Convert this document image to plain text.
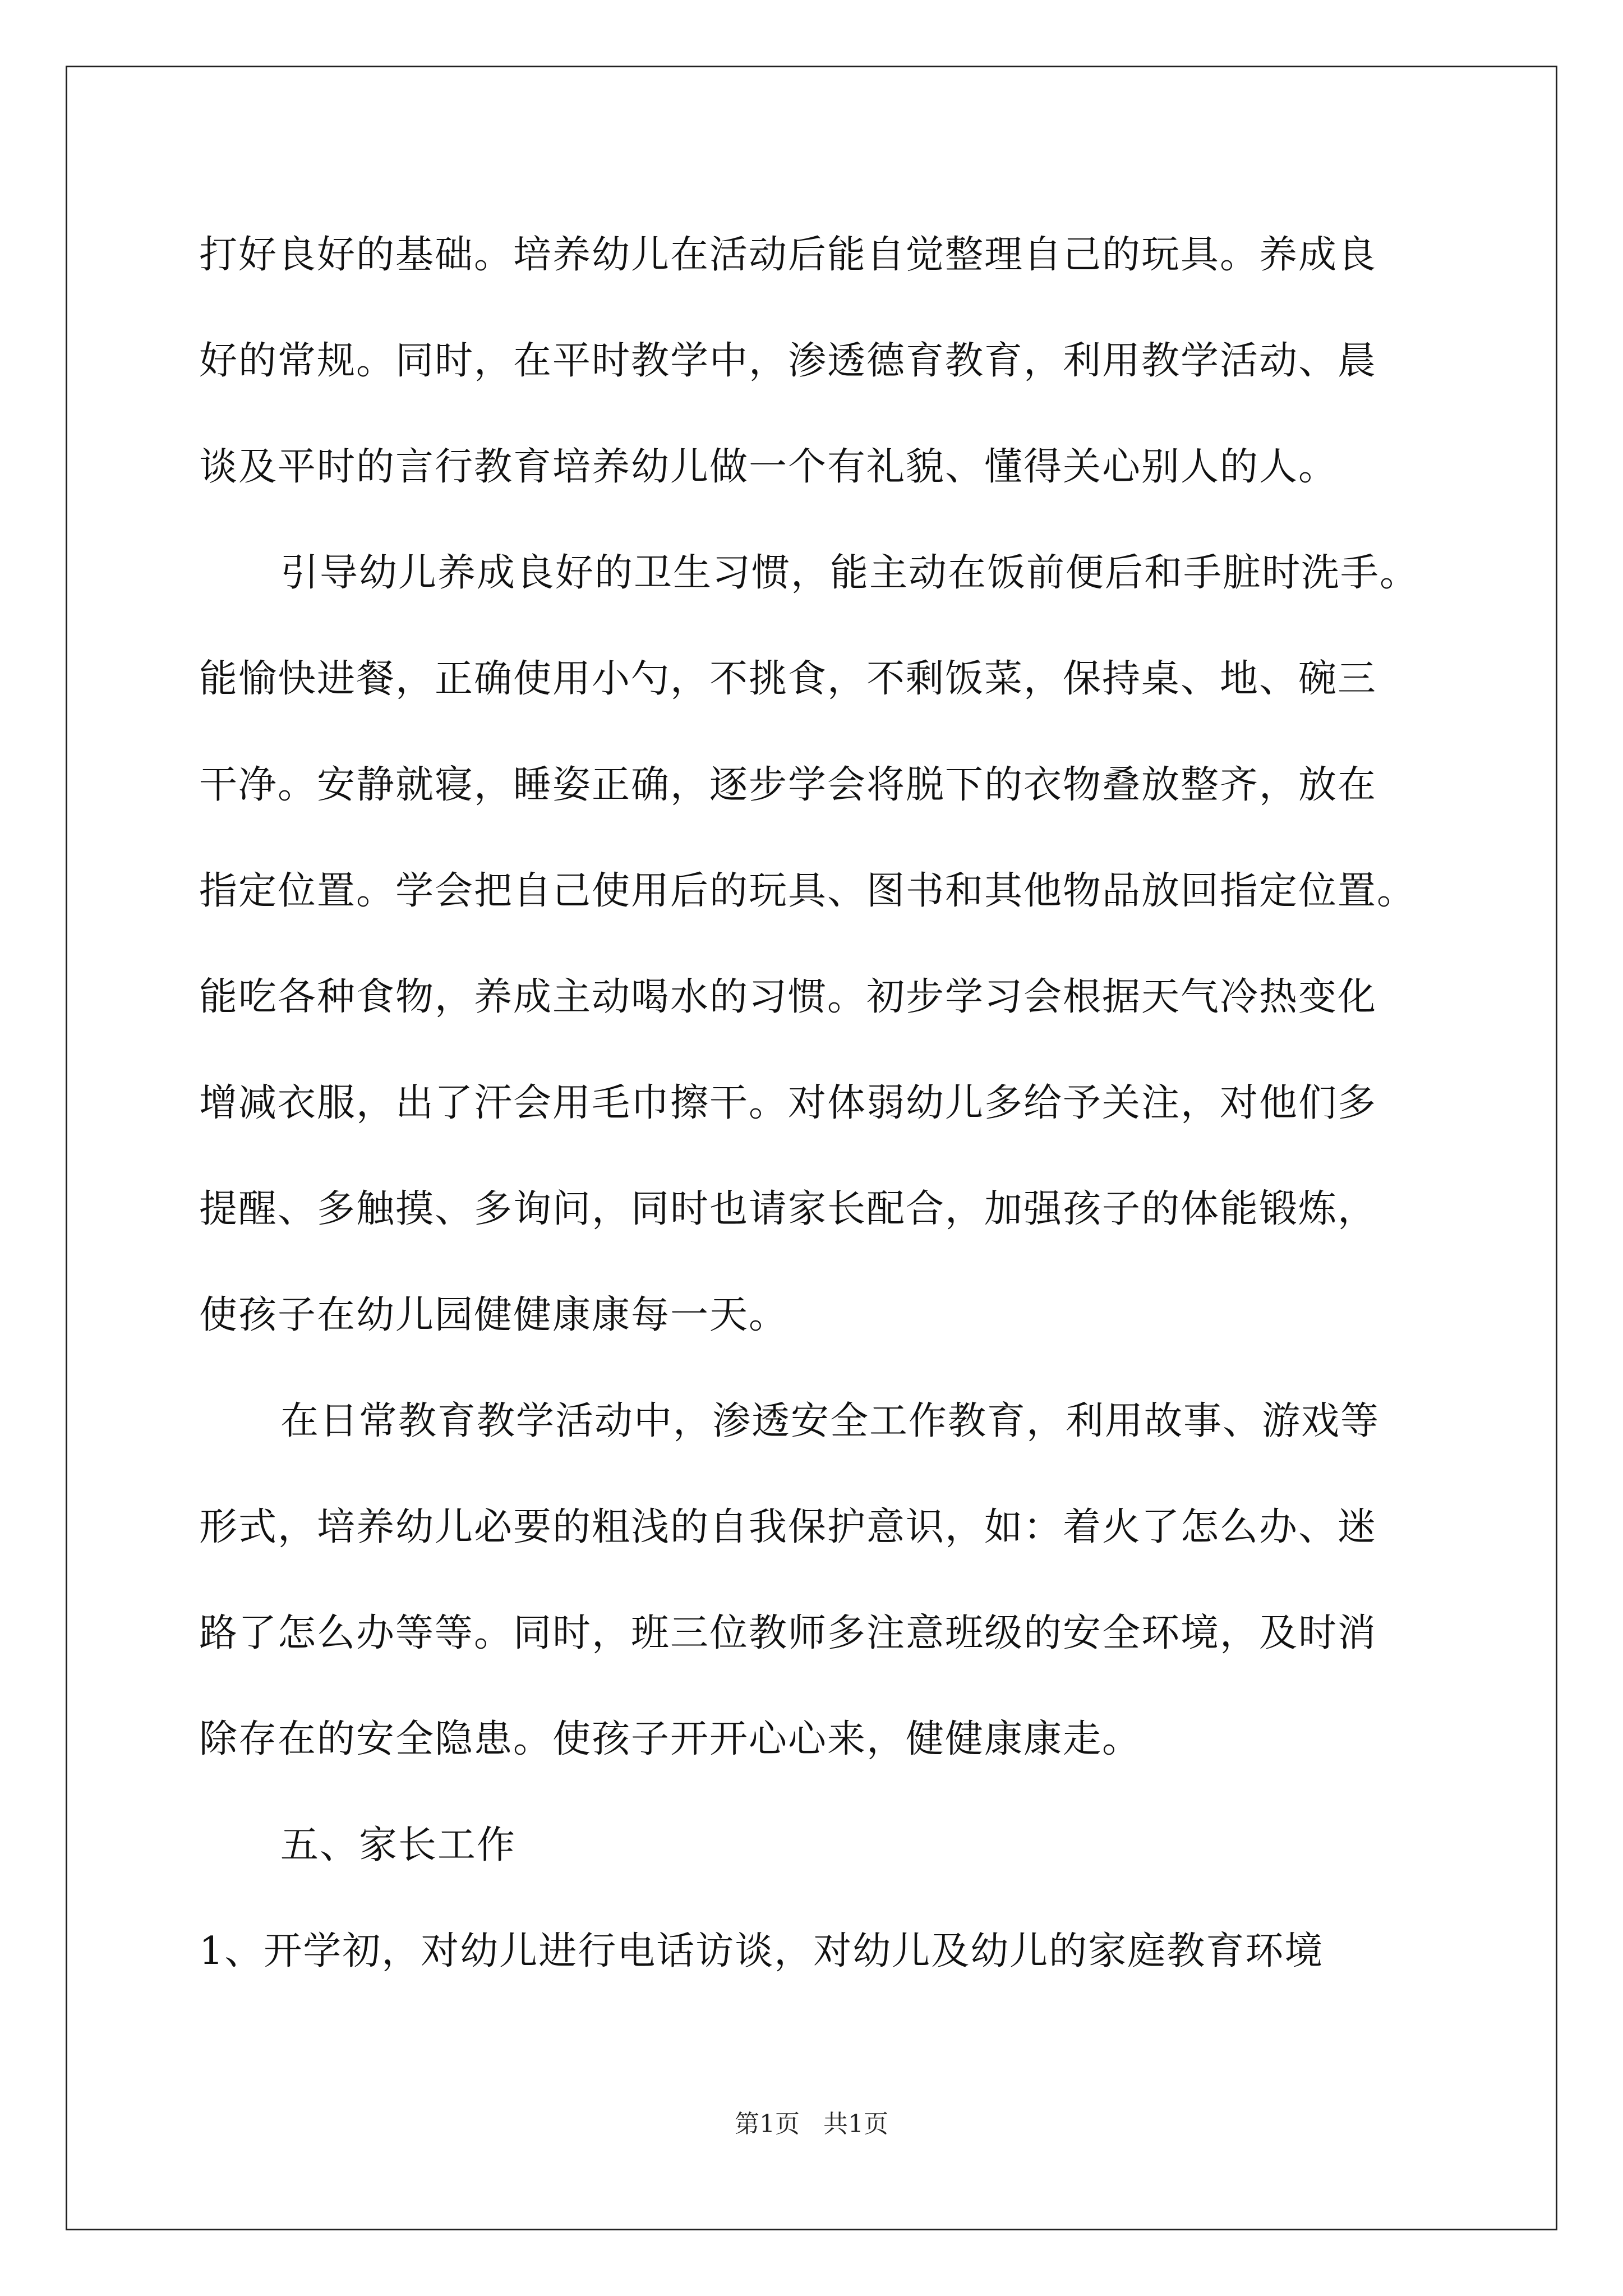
打好良好的基础。培养幼儿在活动后能自觉整理自己的玩具。养成良
好的常规。同时，在平时教学中，渗透德育教育，利用教学活动、晨
谈及平时的言行教育培养幼儿做一个有礼貌、懂得关心别人的人。
引导幼儿养成良好的卫生习惯，能主动在饭前便后和手脏时洗手。
能愉快进餐，正确使用小勺，不挑食，不剩饭菜，保持桌、地、碗三
干净。安静就寝，睡姿正确，逐步学会将脱下的衣物叠放整齐，放在
指定位置。学会把自己使用后的玩具、图书和其他物品放回指定位置。
能吃各种食物，养成主动喝水的习惯。初步学习会根据天气冷热变化
增减衣服，出了汗会用毛巾擦干。对体弱幼儿多给予关注，对他们多
提醒、多触摸、多询问，同时也请家长配合，加强孩子的体能锻炼，
使孩子在幼儿园健健康康每一天。
在日常教育教学活动中，渗透安全工作教育，利用故事、游戏等
形式，培养幼儿必要的粗浅的自我保护意识，如：着火了怎么办、迷
路了怎么办等等。同时，班三位教师多注意班级的安全环境，及时消
除存在的安全隐患。使孩子开开心心来，健健康康走。
五、家长工作
1、开学初，对幼儿进行电话访谈，对幼儿及幼儿的家庭教育环境
第1页   共1页
